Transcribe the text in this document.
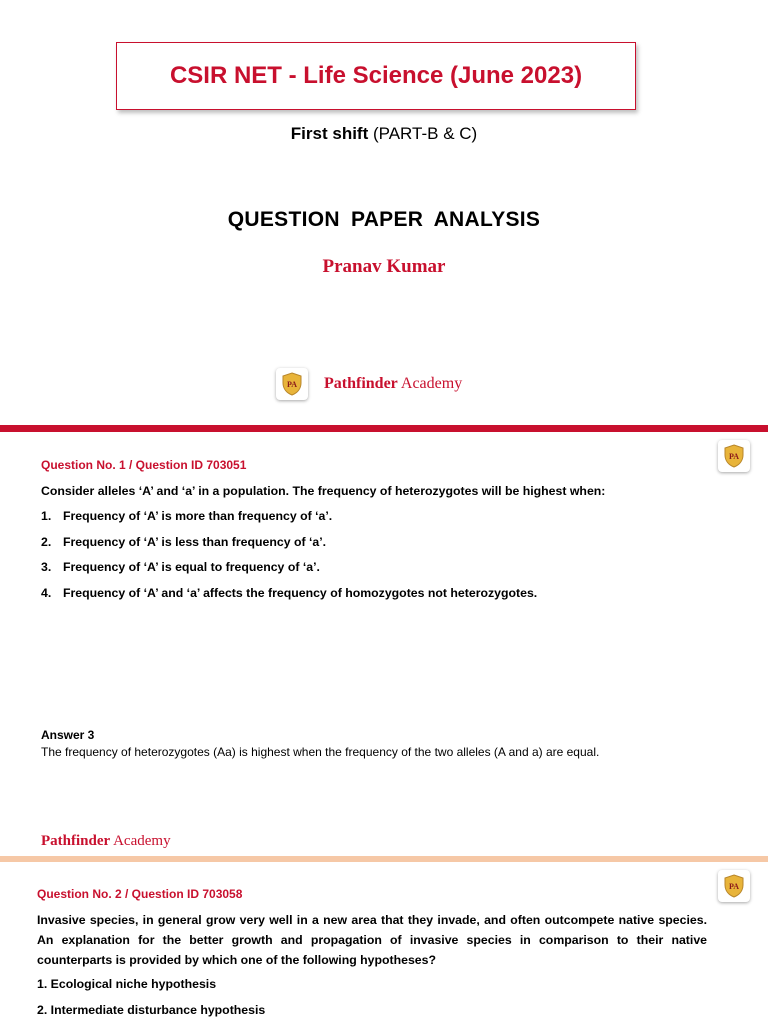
CSIR NET - Life Science (June 2023)
First shift (PART-B & C)
QUESTION PAPER ANALYSIS
Pranav Kumar
PA Pathfinder Academy
PA
Question No. 1 / Question ID 703051
Consider alleles ‘A’ and ‘a’ in a population. The frequency of heterozygotes will be highest when:
1. Frequency of ‘A’ is more than frequency of ‘a’.
2. Frequency of ‘A’ is less than frequency of ‘a’.
3. Frequency of ‘A’ is equal to frequency of ‘a’.
4. Frequency of ‘A’ and ‘a’ affects the frequency of homozygotes not heterozygotes.
Answer 3
The frequency of heterozygotes (Aa) is highest when the frequency of the two alleles (A and a) are equal.
Pathfinder Academy
PA
Question No. 2 / Question ID 703058
Invasive species, in general grow very well in a new area that they invade, and often outcompete native species. An explanation for the better growth and propagation of invasive species in comparison to their native counterparts is provided by which one of the following hypotheses?
1. Ecological niche hypothesis
2. Intermediate disturbance hypothesis
